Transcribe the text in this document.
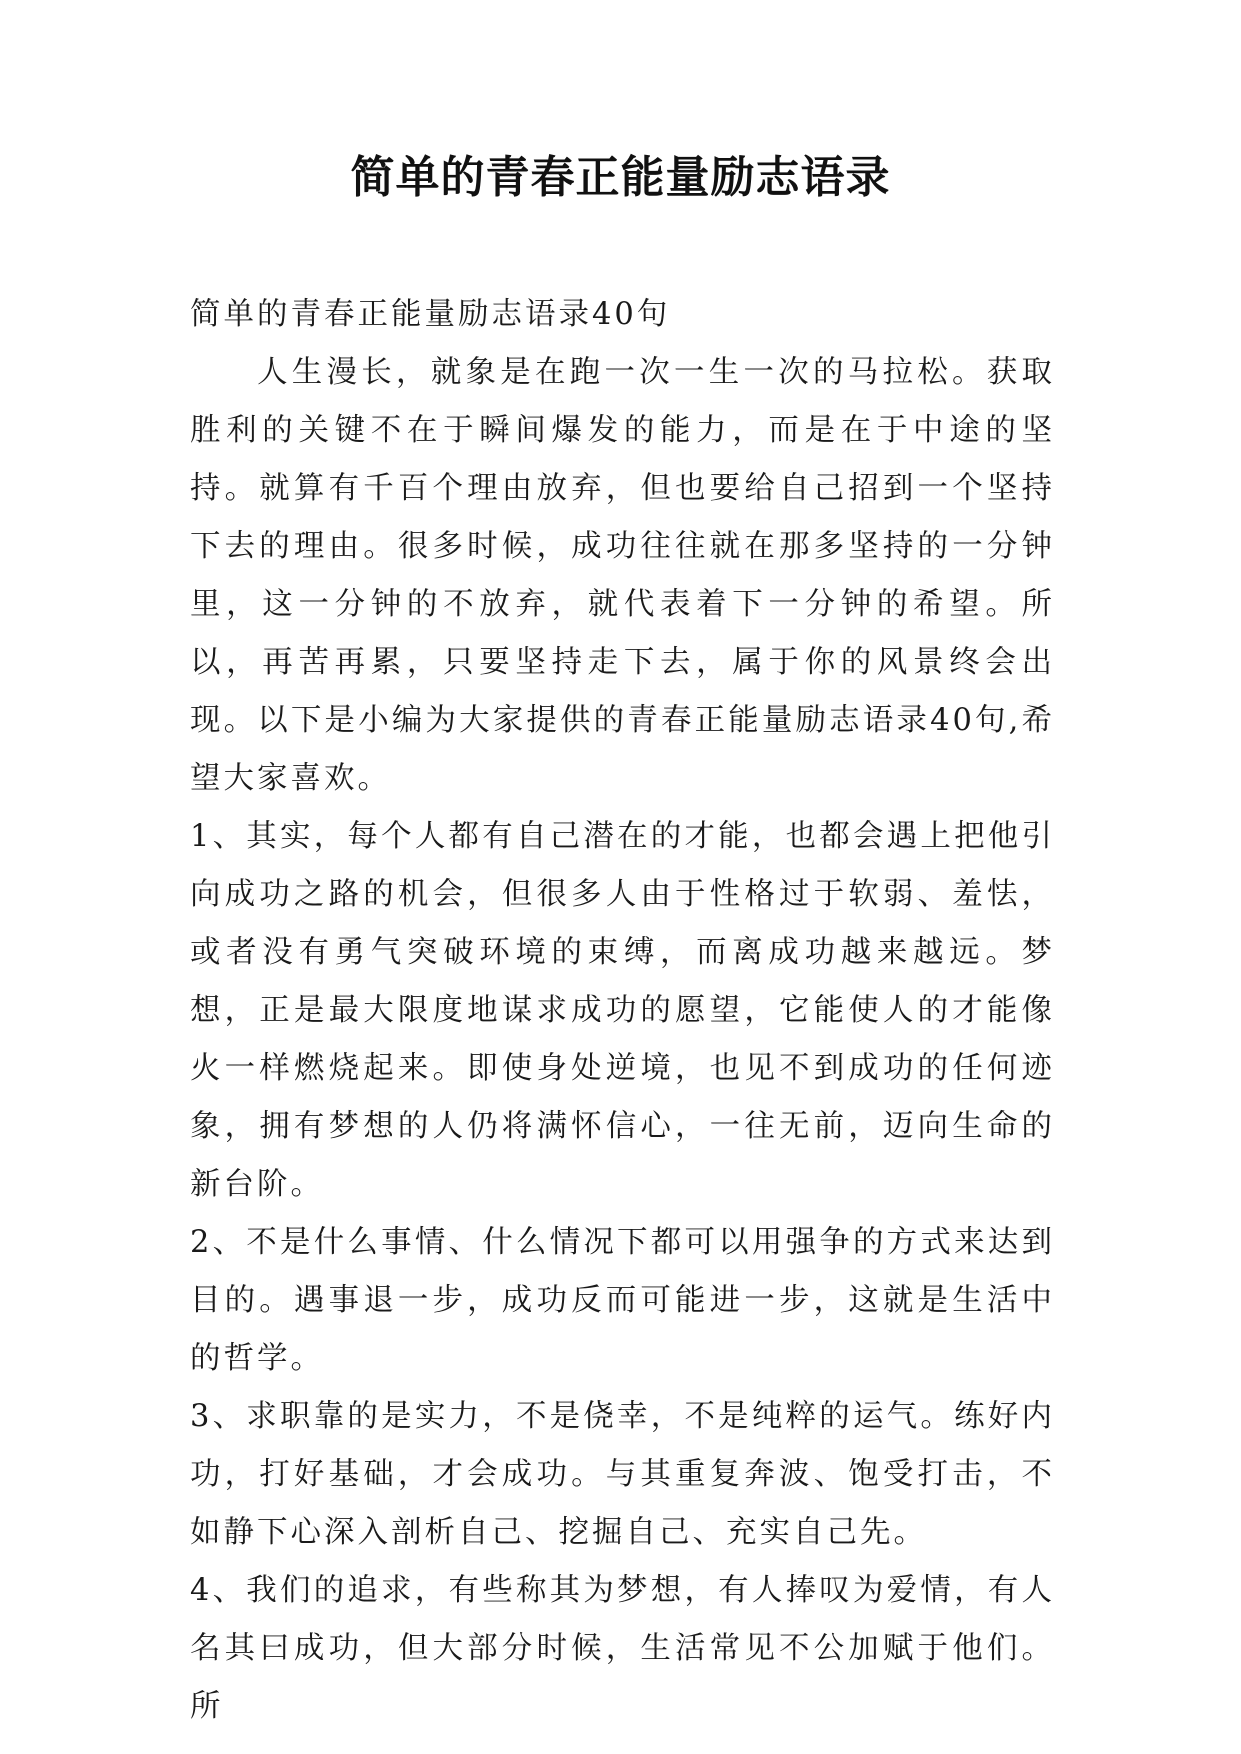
简单的青春正能量励志语录

简单的青春正能量励志语录40句

人生漫长，就象是在跑一次一生一次的马拉松。获取胜利的关键不在于瞬间爆发的能力，而是在于中途的坚持。就算有千百个理由放弃，但也要给自己招到一个坚持下去的理由。很多时候，成功往往就在那多坚持的一分钟里，这一分钟的不放弃，就代表着下一分钟的希望。所以，再苦再累，只要坚持走下去，属于你的风景终会出现。以下是小编为大家提供的青春正能量励志语录40句,希望大家喜欢。

1、其实，每个人都有自己潜在的才能，也都会遇上把他引向成功之路的机会，但很多人由于性格过于软弱、羞怯，或者没有勇气突破环境的束缚，而离成功越来越远。梦想，正是最大限度地谋求成功的愿望，它能使人的才能像火一样燃烧起来。即使身处逆境，也见不到成功的任何迹象，拥有梦想的人仍将满怀信心，一往无前，迈向生命的新台阶。

2、不是什么事情、什么情况下都可以用强争的方式来达到目的。遇事退一步，成功反而可能进一步，这就是生活中的哲学。

3、求职靠的是实力，不是侥幸，不是纯粹的运气。练好内功，打好基础，才会成功。与其重复奔波、饱受打击，不如静下心深入剖析自己、挖掘自己、充实自己先。

4、我们的追求，有些称其为梦想，有人捧叹为爱情，有人名其曰成功，但大部分时候，生活常见不公加赋于他们。所
